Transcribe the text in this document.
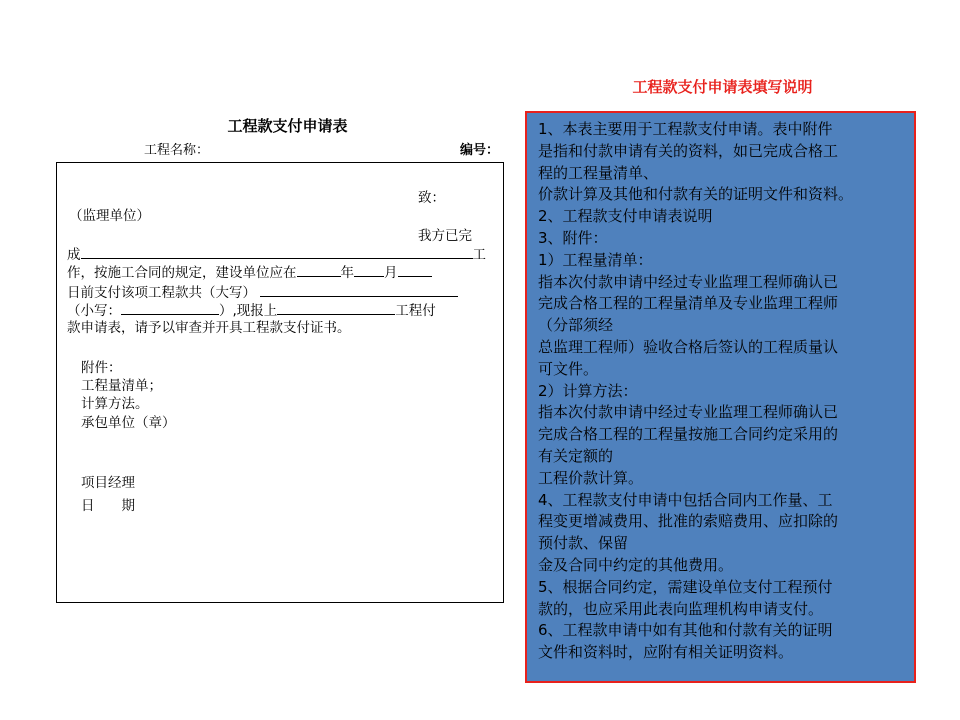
工程款支付申请表填写说明
1、本表主要用于工程款支付申请。表中附件
是指和付款申请有关的资料，如已完成合格工
程的工程量清单、
价款计算及其他和付款有关的证明文件和资料。
2、工程款支付申请表说明
3、附件：
1）工程量清单：
指本次付款申请中经过专业监理工程师确认已
完成合格工程的工程量清单及专业监理工程师
（分部须经
总监理工程师）验收合格后签认的工程质量认
可文件。
2）计算方法：
指本次付款申请中经过专业监理工程师确认已
完成合格工程的工程量按施工合同约定采用的
有关定额的
工程价款计算。
4、工程款支付申请中包括合同内工作量、工
程变更增减费用、批准的索赔费用、应扣除的
预付款、保留
金及合同中约定的其他费用。
5、根据合同约定，需建设单位支付工程预付
款的，也应采用此表向监理机构申请支付。
6、工程款申请中如有其他和付款有关的证明
文件和资料时，应附有相关证明资料。
工程款支付申请表
工程名称：	编号：
致：
（监理单位）
我方已完
成	工
作，按施工合同的规定，建设单位应在	年 月
日前支付该项工程款共（大写）
（小写：	）,现报上	工程付
款申请表，请予以审查并开具工程款支付证书。
附件：
工程量清单；
计算方法。
承包单位（章）
项目经理
日　　期
